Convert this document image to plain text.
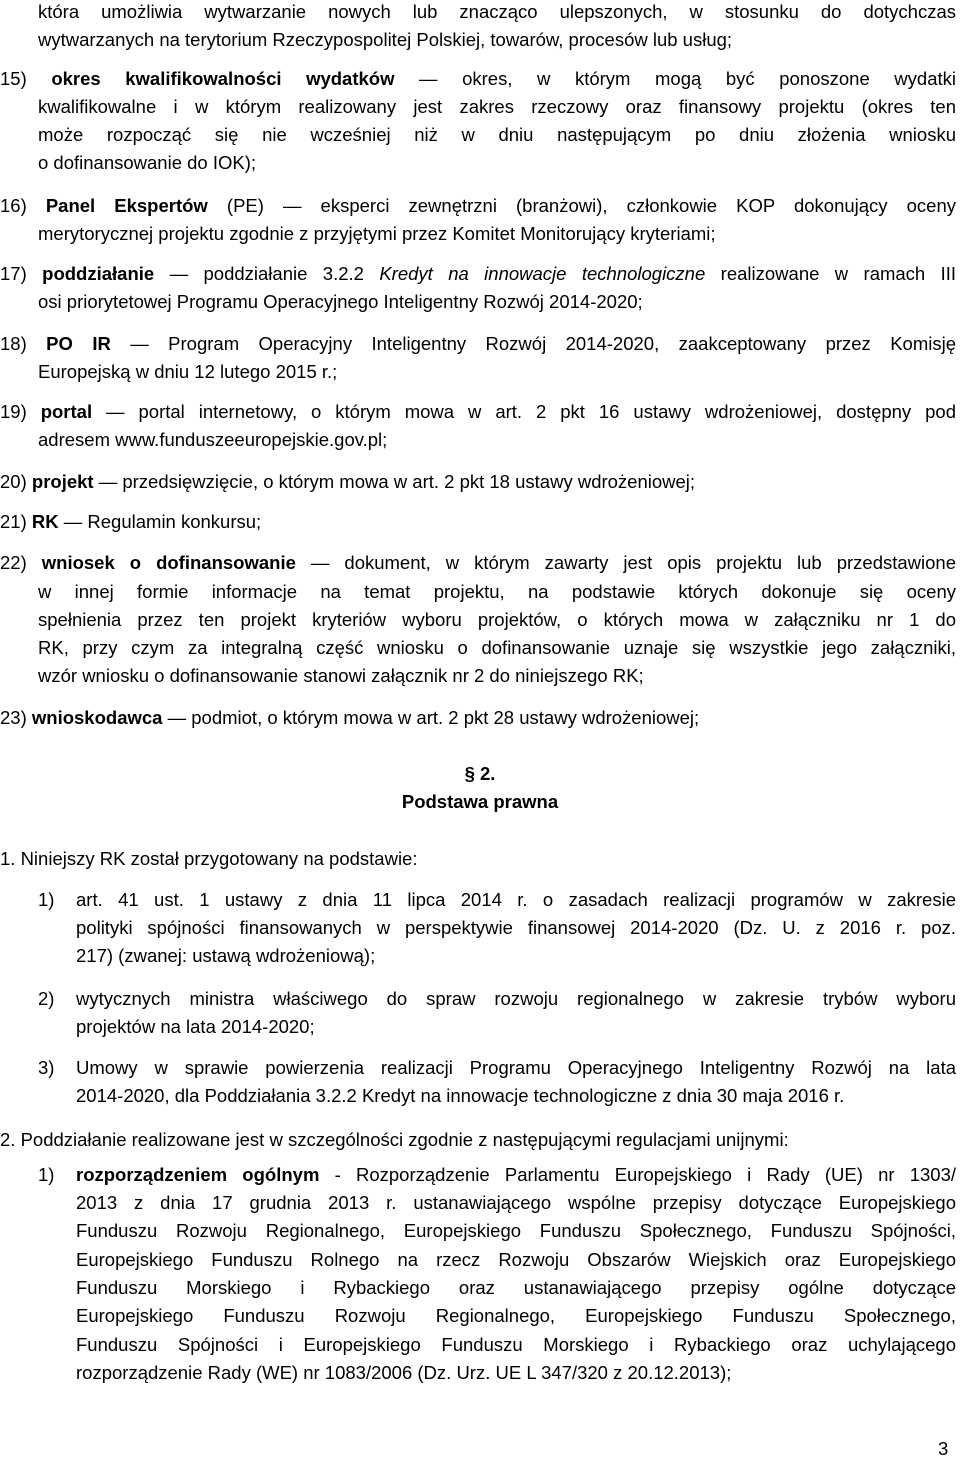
która umożliwia wytwarzanie nowych lub znacząco ulepszonych, w stosunku do dotychczas
wytwarzanych na terytorium Rzeczypospolitej Polskiej, towarów, procesów lub usług;
15) okres kwalifikowalności wydatków — okres, w którym mogą być ponoszone wydatki
kwalifikowalne i w którym realizowany jest zakres rzeczowy oraz finansowy projektu (okres ten
może rozpocząć się nie wcześniej niż w dniu następującym po dniu złożenia wniosku
o dofinansowanie do IOK);
16) Panel Ekspertów (PE) — eksperci zewnętrzni (branżowi), członkowie KOP dokonujący oceny
merytorycznej projektu zgodnie z przyjętymi przez Komitet Monitorujący kryteriami;
17) poddziałanie — poddziałanie 3.2.2 Kredyt na innowacje technologiczne realizowane w ramach III
osi priorytetowej Programu Operacyjnego Inteligentny Rozwój 2014-2020;
18) PO IR — Program Operacyjny Inteligentny Rozwój 2014-2020, zaakceptowany przez Komisję
Europejską w dniu 12 lutego 2015 r.;
19) portal — portal internetowy, o którym mowa w art. 2 pkt 16 ustawy wdrożeniowej, dostępny pod
adresem www.funduszeeuropejskie.gov.pl;
20) projekt — przedsięwzięcie, o którym mowa w art. 2 pkt 18 ustawy wdrożeniowej;
21) RK — Regulamin konkursu;
22) wniosek o dofinansowanie — dokument, w którym zawarty jest opis projektu lub przedstawione
w innej formie informacje na temat projektu, na podstawie których dokonuje się oceny
spełnienia przez ten projekt kryteriów wyboru projektów, o których mowa w załączniku nr 1 do
RK, przy czym za integralną część wniosku o dofinansowanie uznaje się wszystkie jego załączniki,
wzór wniosku o dofinansowanie stanowi załącznik nr 2 do niniejszego RK;
23) wnioskodawca — podmiot, o którym mowa w art. 2 pkt 28 ustawy wdrożeniowej;
§ 2.
Podstawa prawna
1. Niniejszy RK został przygotowany na podstawie:
1) art. 41 ust. 1 ustawy z dnia 11 lipca 2014 r. o zasadach realizacji programów w zakresie
polityki spójności finansowanych w perspektywie finansowej 2014-2020 (Dz. U. z 2016 r. poz.
217) (zwanej: ustawą wdrożeniową);
2) wytycznych ministra właściwego do spraw rozwoju regionalnego w zakresie trybów wyboru
projektów na lata 2014-2020;
3) Umowy w sprawie powierzenia realizacji Programu Operacyjnego Inteligentny Rozwój na lata
2014-2020, dla Poddziałania 3.2.2 Kredyt na innowacje technologiczne z dnia 30 maja 2016 r.
2. Poddziałanie realizowane jest w szczególności zgodnie z następującymi regulacjami unijnymi:
1) rozporządzeniem ogólnym - Rozporządzenie Parlamentu Europejskiego i Rady (UE) nr 1303/
2013 z dnia 17 grudnia 2013 r. ustanawiającego wspólne przepisy dotyczące Europejskiego
Funduszu Rozwoju Regionalnego, Europejskiego Funduszu Społecznego, Funduszu Spójności,
Europejskiego Funduszu Rolnego na rzecz Rozwoju Obszarów Wiejskich oraz Europejskiego
Funduszu Morskiego i Rybackiego oraz ustanawiającego przepisy ogólne dotyczące
Europejskiego Funduszu Rozwoju Regionalnego, Europejskiego Funduszu Społecznego,
Funduszu Spójności i Europejskiego Funduszu Morskiego i Rybackiego oraz uchylającego
rozporządzenie Rady (WE) nr 1083/2006 (Dz. Urz. UE L 347/320 z 20.12.2013);
3
